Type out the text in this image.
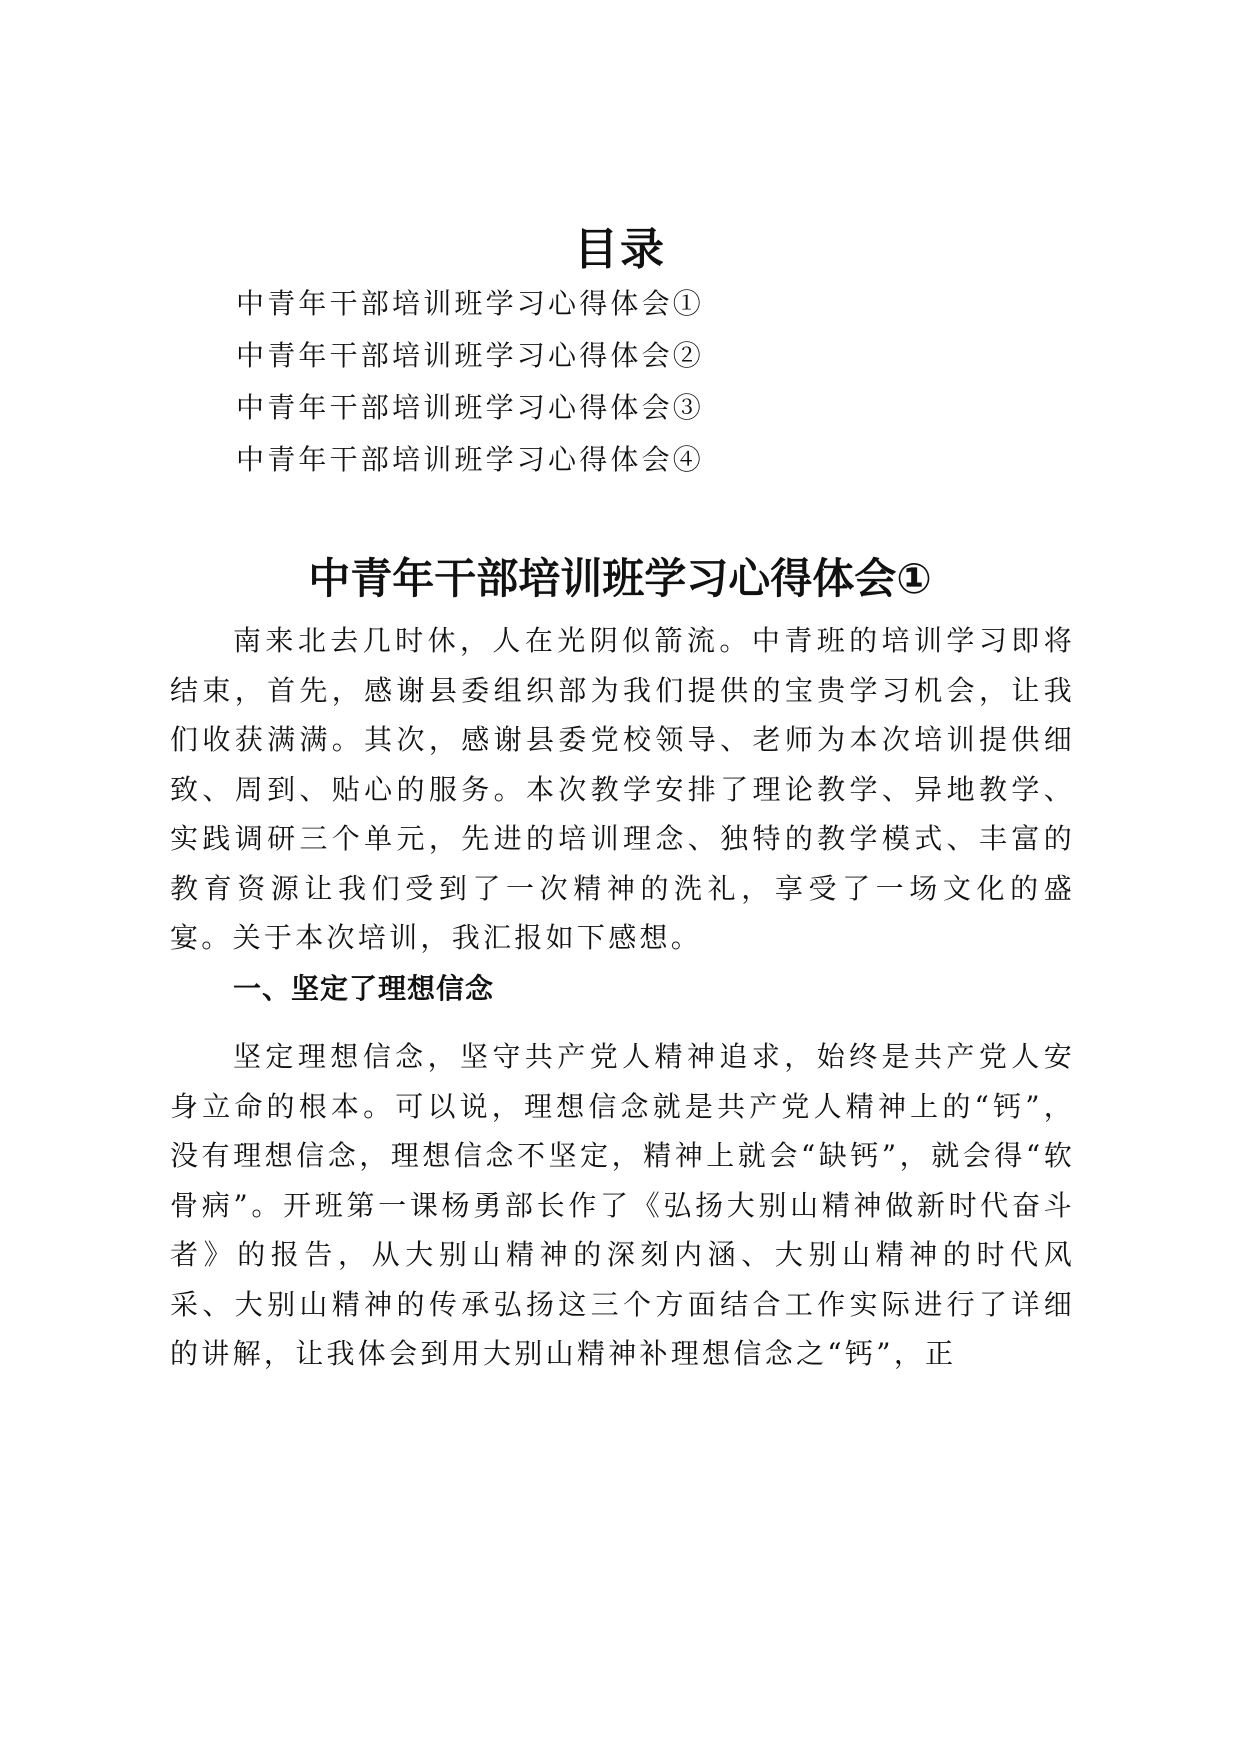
目录
中青年干部培训班学习心得体会①
中青年干部培训班学习心得体会②
中青年干部培训班学习心得体会③
中青年干部培训班学习心得体会④
中青年干部培训班学习心得体会①

南来北去几时休，人在光阴似箭流。中青班的培训学习即将结束，首先，感谢县委组织部为我们提供的宝贵学习机会，让我们收获满满。其次，感谢县委党校领导、老师为本次培训提供细致、周到、贴心的服务。本次教学安排了理论教学、异地教学、实践调研三个单元，先进的培训理念、独特的教学模式、丰富的教育资源让我们受到了一次精神的洗礼，享受了一场文化的盛宴。关于本次培训，我汇报如下感想。

一、坚定了理想信念

坚定理想信念，坚守共产党人精神追求，始终是共产党人安身立命的根本。可以说，理想信念就是共产党人精神上的“钙”，没有理想信念，理想信念不坚定，精神上就会“缺钙”，就会得“软骨病”。开班第一课杨勇部长作了《弘扬大别山精神做新时代奋斗者》的报告，从大别山精神的深刻内涵、大别山精神的时代风采、大别山精神的传承弘扬这三个方面结合工作实际进行了详细的讲解，让我体会到用大别山精神补理想信念之“钙”，正
